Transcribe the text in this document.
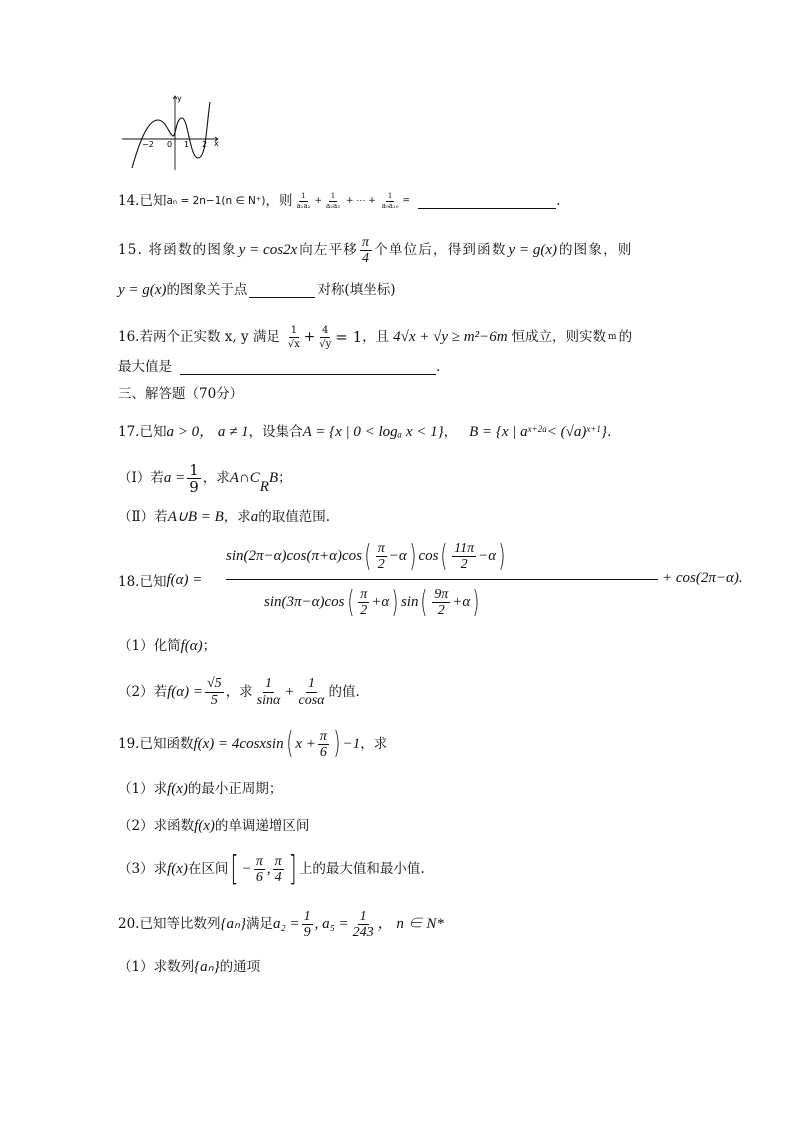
y
x
−2 0 1 2
14.已知 aₙ = 2n−1(n ∈ N⁺) ，则 $\frac{1}{\text{a₁a₂}} + \frac{1}{\text{a₂a₃}}$ + ⋯ + $\frac{1}{\text{a₉a₁₀}}$ =	.
15. 将函数的图象 y = cos2x 向左平移 $\frac{\pi}{4}$ 个单位后，得到函数 y = g(x) 的图象，则
y = g(x) 的图象关于点	对称(填坐标)
16.若两个正实数 x, y 满足 $\frac{1}{√x} + \frac{4}{√y} = 1$ ，且 4√x + √y ≥ m²−6m 恒成立，则实数 m 的
最大值是	.
三、解答题（70分）
17.已知 a > 0， a ≠ 1 ，设集合 A = {x | 0 < logₐ x < 1} ， B = {x | $a^{x+2a} < (√a)^{x+1}$ } .
（Ⅰ）若 $a = \frac{1}{9}$ ，求 A∩C
R
B ；
（Ⅱ）若 A∪B = B ，求 a 的取值范围.
18.已知 f(α) =
sin(2π−α)cos(π+α)cos ( $\frac{\pi}{2} -\alpha$ ) cos ( $\frac{11\pi}{2} -\alpha$ )
sin(3π−α)cos ( $\frac{\pi}{2} +\alpha$ ) sin ( $\frac{9\pi}{2} +\alpha$ )
+ cos(2π−α).
（1）化简 f(α) ；
（2）若 $f(\alpha) = \frac{√5}{5}$ ，求 $\frac{1}{\sin\alpha} + \frac{1}{\cos\alpha}$ 的值.
19.已知函数 f(x) = 4cosxsin ( $x + \frac{\pi}{6}$ ) −1 ，求
（1）求 f(x) 的最小正周期；
（2）求函数 f(x) 的单调递增区间
（3）求 f(x) 在区间 [ − $\frac{\pi}{6}$ , $\frac{\pi}{4}$ ] 上的最大值和最小值.
20.已知等比数列 {aₙ} 满足 $a_2 = \frac{1}{9}$ , $a_5 = \frac{1}{243}$ ， n ∈ N*
（1）求数列 {aₙ} 的通项
